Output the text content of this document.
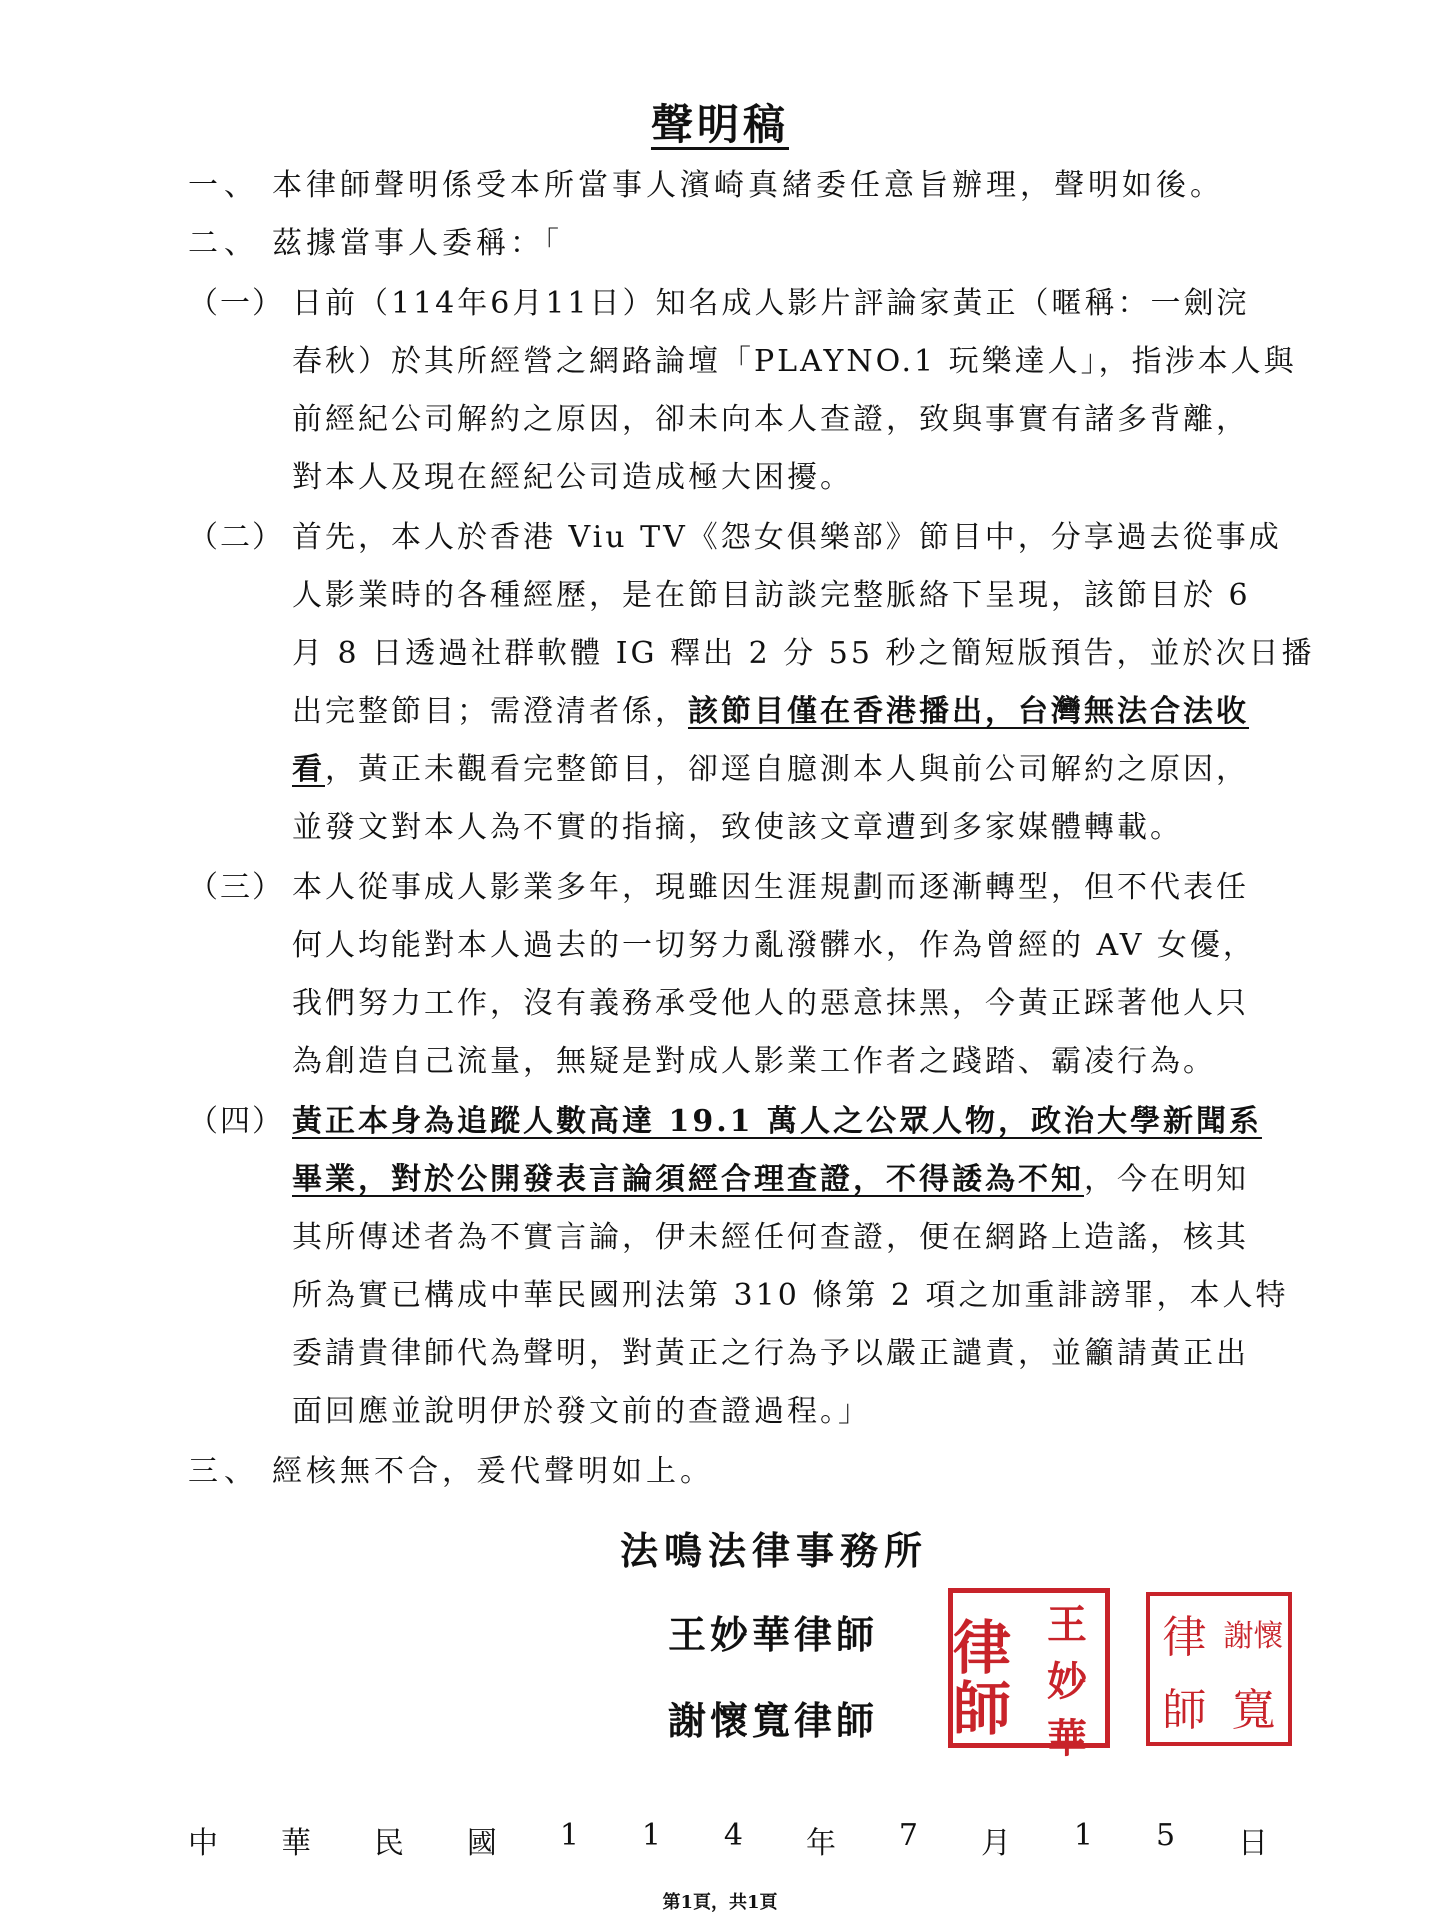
聲明稿
一、 本律師聲明係受本所當事人濱崎真緒委任意旨辦理，聲明如後。
二、 茲據當事人委稱：「
（一） 日前（114年6月11日）知名成人影片評論家黃正（暱稱：一劍浣
春秋）於其所經營之網路論壇「PLAYNO.1 玩樂達人」，指涉本人與
前經紀公司解約之原因，卻未向本人查證，致與事實有諸多背離，
對本人及現在經紀公司造成極大困擾。
（二） 首先，本人於香港 Viu TV《怨女俱樂部》節目中，分享過去從事成
人影業時的各種經歷，是在節目訪談完整脈絡下呈現，該節目於 6
月 8 日透過社群軟體 IG 釋出 2 分 55 秒之簡短版預告，並於次日播
出完整節目；需澄清者係，該節目僅在香港播出，台灣無法合法收
看，黃正未觀看完整節目，卻逕自臆測本人與前公司解約之原因，
並發文對本人為不實的指摘，致使該文章遭到多家媒體轉載。
（三） 本人從事成人影業多年，現雖因生涯規劃而逐漸轉型，但不代表任
何人均能對本人過去的一切努力亂潑髒水，作為曾經的 AV 女優，
我們努力工作，沒有義務承受他人的惡意抹黑，今黃正踩著他人只
為創造自己流量，無疑是對成人影業工作者之踐踏、霸凌行為。
（四） 黃正本身為追蹤人數高達 19.1 萬人之公眾人物，政治大學新聞系
畢業，對於公開發表言論須經合理查證，不得諉為不知，今在明知
其所傳述者為不實言論，伊未經任何查證，便在網路上造謠，核其
所為實已構成中華民國刑法第 310 條第 2 項之加重誹謗罪，本人特
委請貴律師代為聲明，對黃正之行為予以嚴正譴責，並籲請黃正出
面回應並說明伊於發文前的查證過程。」
三、 經核無不合，爰代聲明如上。
法鳴法律事務所
王妙華律師
謝懷寬律師
律師
王
妙
華
律 謝懷
師 寬
中 華 民 國 1 1 4 年 7 月 1 5 日
第1頁，共1頁
